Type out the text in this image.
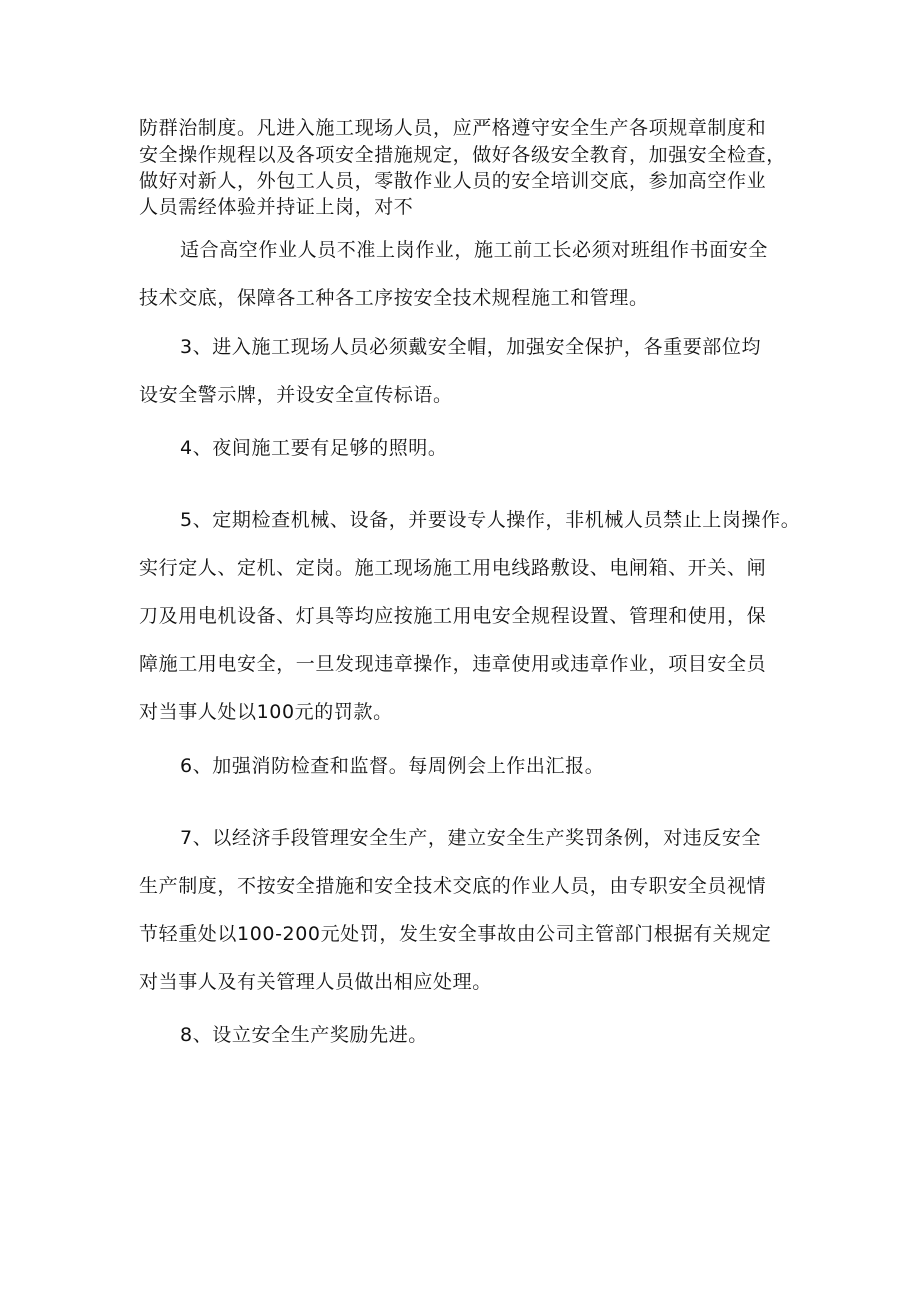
防群治制度。凡进入施工现场人员，应严格遵守安全生产各项规章制度和

安全操作规程以及各项安全措施规定，做好各级安全教育，加强安全检查，

做好对新人，外包工人员，零散作业人员的安全培训交底，参加高空作业

人员需经体验并持证上岗，对不

适合高空作业人员不准上岗作业，施工前工长必须对班组作书面安全

技术交底，保障各工种各工序按安全技术规程施工和管理。

3、进入施工现场人员必须戴安全帽，加强安全保护，各重要部位均

设安全警示牌，并设安全宣传标语。

4、夜间施工要有足够的照明。

5、定期检查机械、设备，并要设专人操作，非机械人员禁止上岗操作。

实行定人、定机、定岗。施工现场施工用电线路敷设、电闸箱、开关、闸

刀及用电机设备、灯具等均应按施工用电安全规程设置、管理和使用，保

障施工用电安全，一旦发现违章操作，违章使用或违章作业，项目安全员

对当事人处以100元的罚款。

6、加强消防检查和监督。每周例会上作出汇报。

7、以经济手段管理安全生产，建立安全生产奖罚条例，对违反安全

生产制度，不按安全措施和安全技术交底的作业人员，由专职安全员视情

节轻重处以100-200元处罚，发生安全事故由公司主管部门根据有关规定

对当事人及有关管理人员做出相应处理。

8、设立安全生产奖励先进。
